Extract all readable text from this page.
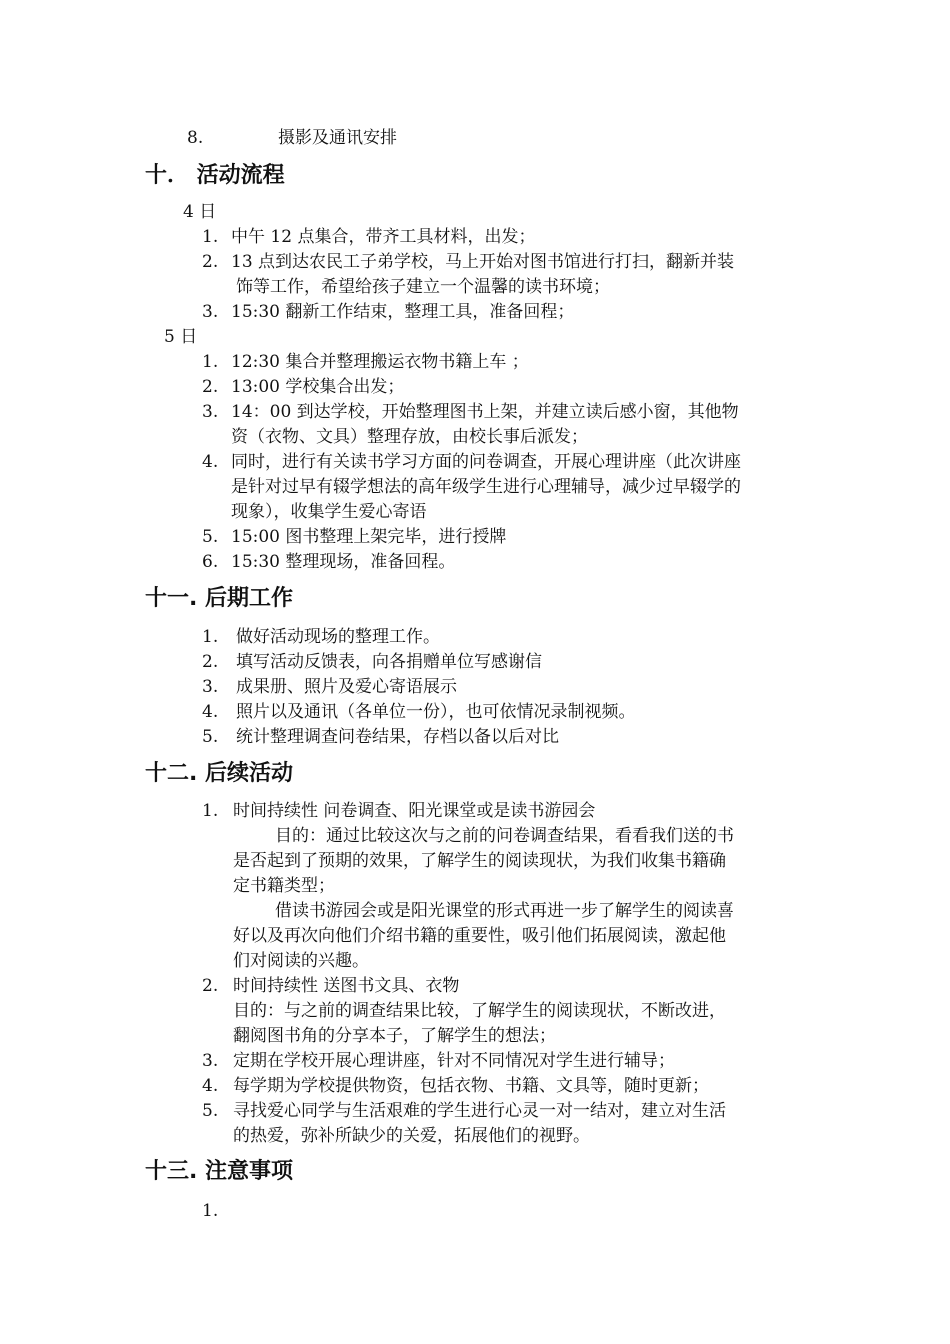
8.	摄影及通讯安排
十． 活动流程
4 日
1. 中午 12 点集合，带齐工具材料，出发；
2. 13 点到达农民工子弟学校，马上开始对图书馆进行打扫，翻新并装
饰等工作，希望给孩子建立一个温馨的读书环境；
3. 15:30 翻新工作结束，整理工具，准备回程；
5 日
1. 12:30 集合并整理搬运衣物书籍上车 ；
2. 13:00 学校集合出发；
3. 14：00 到达学校，开始整理图书上架，并建立读后感小窗，其他物
资（衣物、文具）整理存放，由校长事后派发；
4. 同时，进行有关读书学习方面的问卷调查，开展心理讲座（此次讲座
是针对过早有辍学想法的高年级学生进行心理辅导，减少过早辍学的
现象），收集学生爱心寄语
5. 15:00 图书整理上架完毕，进行授牌
6. 15:30 整理现场，准备回程。
十一. 后期工作
1. 做好活动现场的整理工作。
2. 填写活动反馈表，向各捐赠单位写感谢信
3. 成果册、照片及爱心寄语展示
4. 照片以及通讯（各单位一份），也可依情况录制视频。
5. 统计整理调查问卷结果，存档以备以后对比
十二. 后续活动
1. 时间持续性 问卷调查、阳光课堂或是读书游园会
目的：通过比较这次与之前的问卷调查结果，看看我们送的书
是否起到了预期的效果，了解学生的阅读现状，为我们收集书籍确
定书籍类型；
借读书游园会或是阳光课堂的形式再进一步了解学生的阅读喜
好以及再次向他们介绍书籍的重要性，吸引他们拓展阅读，激起他
们对阅读的兴趣。
2. 时间持续性 送图书文具、衣物
目的：与之前的调查结果比较，了解学生的阅读现状，不断改进，
翻阅图书角的分享本子，了解学生的想法；
3. 定期在学校开展心理讲座，针对不同情况对学生进行辅导；
4. 每学期为学校提供物资，包括衣物、书籍、文具等，随时更新；
5. 寻找爱心同学与生活艰难的学生进行心灵一对一结对，建立对生活
的热爱，弥补所缺少的关爱，拓展他们的视野。
十三. 注意事项
1.
